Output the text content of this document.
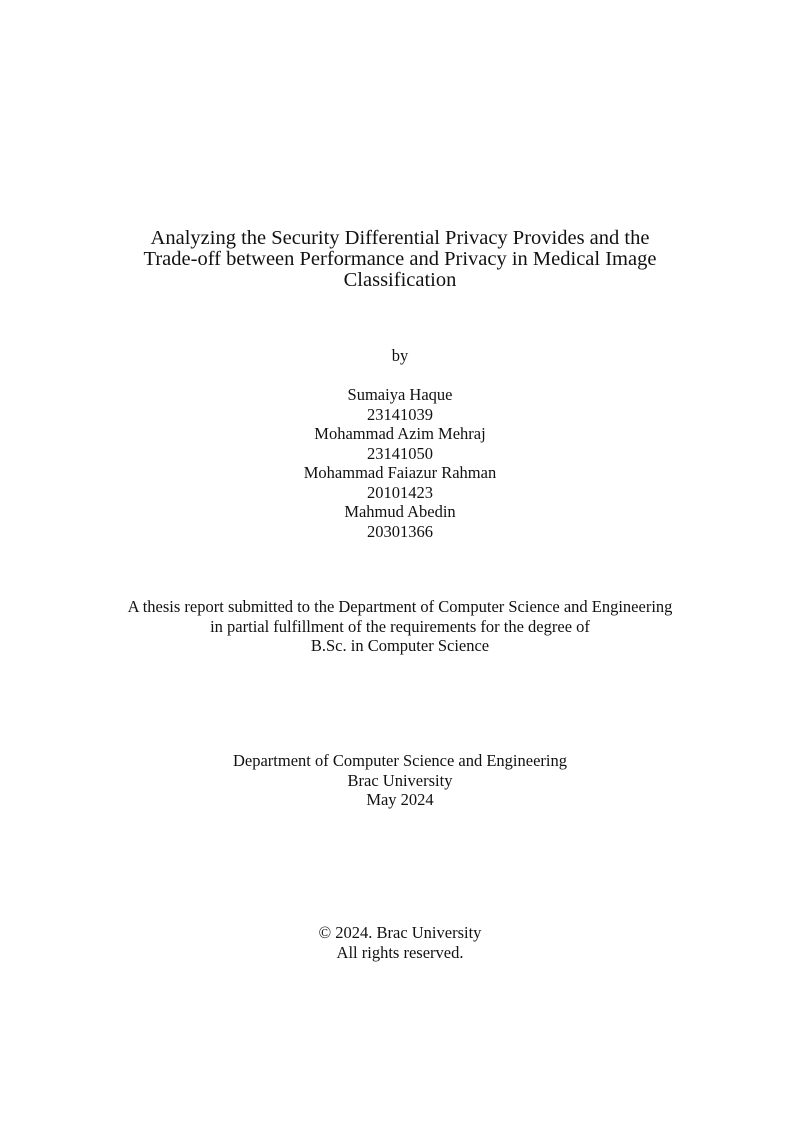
Analyzing the Security Differential Privacy Provides and the
Trade-off between Performance and Privacy in Medical Image
Classification
by
Sumaiya Haque
23141039
Mohammad Azim Mehraj
23141050
Mohammad Faiazur Rahman
20101423
Mahmud Abedin
20301366
A thesis report submitted to the Department of Computer Science and Engineering
in partial fulfillment of the requirements for the degree of
B.Sc. in Computer Science
Department of Computer Science and Engineering
Brac University
May 2024
© 2024. Brac University
All rights reserved.
